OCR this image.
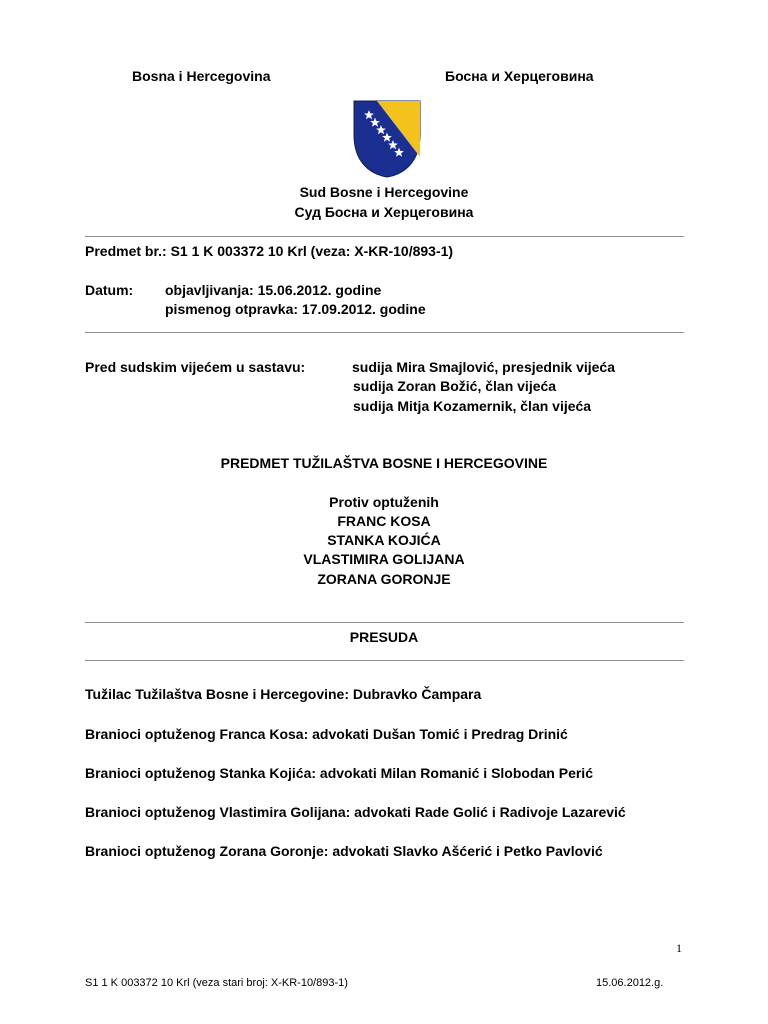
Bosna i Hercegovina	Босна и Херцеговина
Sud Bosne i Hercegovine
Суд Босна и Херцеговина
Predmet br.: S1 1 K 003372 10 Krl (veza: X-KR-10/893-1)
Datum: objavljivanja: 15.06.2012. godine
pismenog otpravka: 17.09.2012. godine
Pred sudskim vijećem u sastavu:	sudija Mira Smajlović, presjednik vijeća
sudija Zoran Božić, član vijeća
sudija Mitja Kozamernik, član vijeća
PREDMET TUŽILAŠTVA BOSNE I HERCEGOVINE
Protiv optuženih
FRANC KOSA
STANKA KOJIĆA
VLASTIMIRA GOLIJANA
ZORANA GORONJE
PRESUDA
Tužilac Tužilaštva Bosne i Hercegovine: Dubravko Čampara
Branioci optuženog Franca Kosa: advokati Dušan Tomić i Predrag Drinić
Branioci optuženog Stanka Kojića: advokati Milan Romanić i Slobodan Perić
Branioci optuženog Vlastimira Golijana: advokati Rade Golić i Radivoje Lazarević
Branioci optuženog Zorana Goronje: advokati Slavko Ašćerić i Petko Pavlović
1
S1 1 K 003372 10 Krl (veza stari broj: X-KR-10/893-1)	15.06.2012.g.
